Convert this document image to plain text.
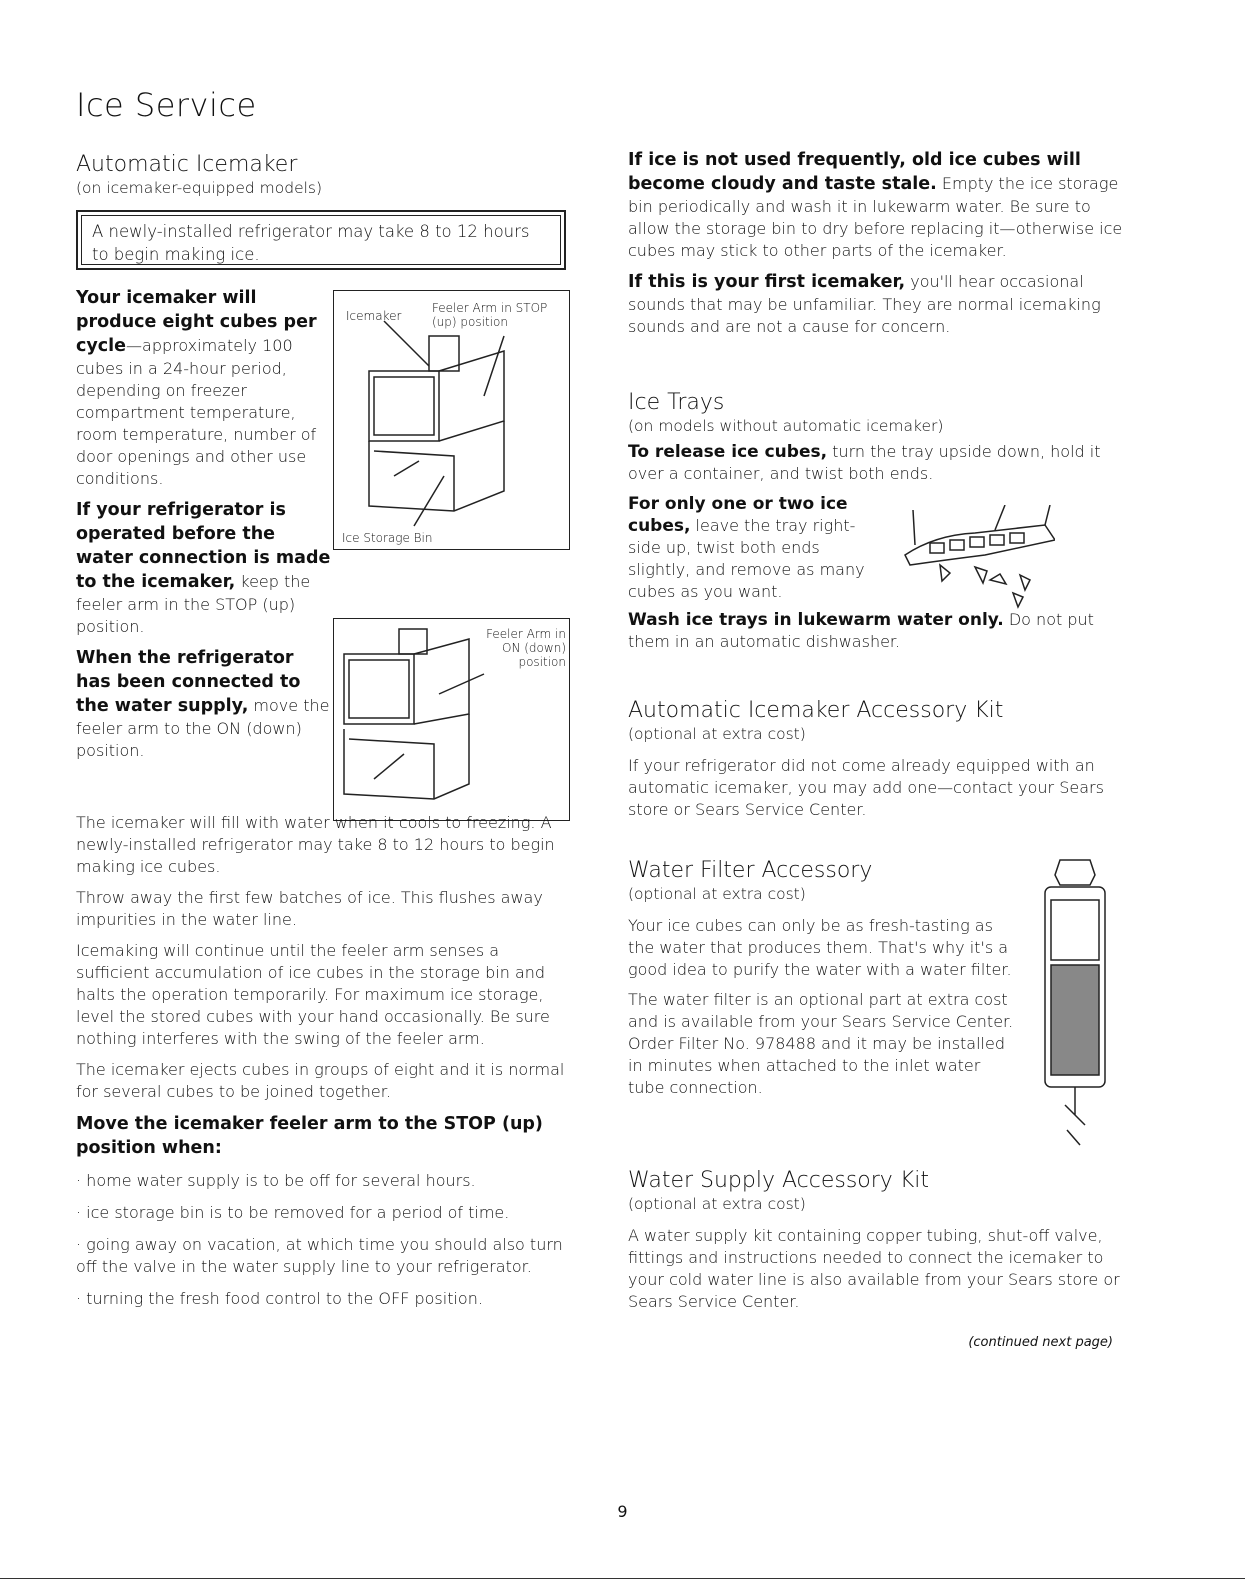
Ice Service
Automatic Icemaker
(on icemaker-equipped models)
A newly-installed refrigerator may take 8 to 12 hours to begin making ice.

Your icemaker will produce eight cubes per cycle—approximately 100 cubes in a 24-hour period, depending on freezer compartment temperature, room temperature, number of door openings and other use conditions.

If your refrigerator is operated before the water connection is made to the icemaker, keep the feeler arm in the STOP (up) position.

When the refrigerator has been connected to the water supply, move the feeler arm to the ON (down) position.

Icemaker
Feeler Arm in STOP (up) position
Ice Storage Bin
Feeler Arm in ON (down) position

The icemaker will fill with water when it cools to freezing. A newly-installed refrigerator may take 8 to 12 hours to begin making ice cubes.

Throw away the first few batches of ice. This flushes away impurities in the water line.

Icemaking will continue until the feeler arm senses a sufficient accumulation of ice cubes in the storage bin and halts the operation temporarily. For maximum ice storage, level the stored cubes with your hand occasionally. Be sure nothing interferes with the swing of the feeler arm.

The icemaker ejects cubes in groups of eight and it is normal for several cubes to be joined together.

Move the icemaker feeler arm to the STOP (up) position when:

· home water supply is to be off for several hours.

· ice storage bin is to be removed for a period of time.

· going away on vacation, at which time you should also turn off the valve in the water supply line to your refrigerator.

· turning the fresh food control to the OFF position.

If ice is not used frequently, old ice cubes will become cloudy and taste stale. Empty the ice storage bin periodically and wash it in lukewarm water. Be sure to allow the storage bin to dry before replacing it—otherwise ice cubes may stick to other parts of the icemaker.

If this is your first icemaker, you'll hear occasional sounds that may be unfamiliar. They are normal icemaking sounds and are not a cause for concern.

Ice Trays
(on models without automatic icemaker)

To release ice cubes, turn the tray upside down, hold it over a container, and twist both ends.

For only one or two ice cubes, leave the tray right-side up, twist both ends slightly, and remove as many cubes as you want.

Wash ice trays in lukewarm water only. Do not put them in an automatic dishwasher.

Automatic Icemaker Accessory Kit
(optional at extra cost)

If your refrigerator did not come already equipped with an automatic icemaker, you may add one—contact your Sears store or Sears Service Center.

Water Filter Accessory
(optional at extra cost)

Your ice cubes can only be as fresh-tasting as the water that produces them. That's why it's a good idea to purify the water with a water filter.

The water filter is an optional part at extra cost and is available from your Sears Service Center. Order Filter No. 978488 and it may be installed in minutes when attached to the inlet water tube connection.

Water Supply Accessory Kit
(optional at extra cost)

A water supply kit containing copper tubing, shut-off valve, fittings and instructions needed to connect the icemaker to your cold water line is also available from your Sears store or Sears Service Center.

(continued next page)
9
